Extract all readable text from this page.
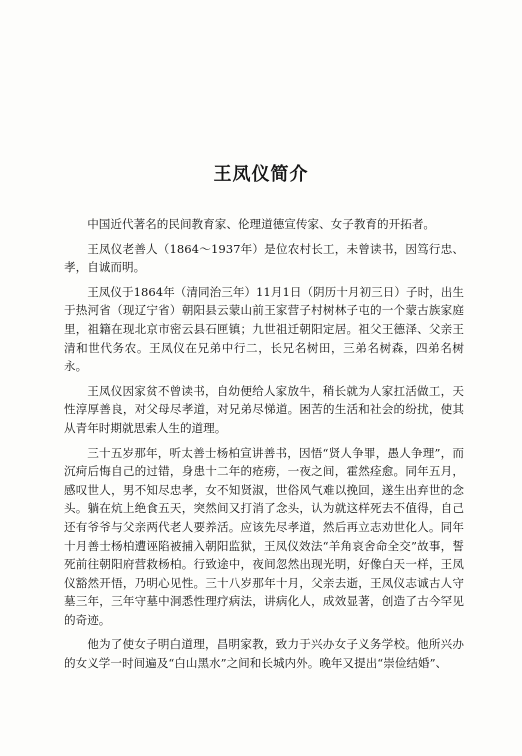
王凤仪简介

中国近代著名的民间教育家、伦理道德宣传家、女子教育的开拓者。

王凤仪老善人（1864～1937年）是位农村长工，未曾读书，因笃行忠、孝，自诚而明。

王凤仪于1864年（清同治三年）11月1日（阴历十月初三日）子时，出生于热河省（现辽宁省）朝阳县云蒙山前王家营子村树林子屯的一个蒙古族家庭里，祖籍在现北京市密云县石匣镇；九世祖迁朝阳定居。祖父王德泽、父亲王清和世代务农。王凤仪在兄弟中行二，长兄名树田，三弟名树森，四弟名树永。

王凤仪因家贫不曾读书，自幼便给人家放牛，稍长就为人家扛活做工，天性淳厚善良，对父母尽孝道，对兄弟尽悌道。困苦的生活和社会的纷扰，使其从青年时期就思索人生的道理。

三十五岁那年，听太善士杨柏宣讲善书，因悟“贤人争罪，愚人争理”，而沉疴后悔自己的过错，身患十二年的疮痨，一夜之间，霍然痊愈。同年五月，感叹世人，男不知尽忠孝，女不知贤淑，世俗风气难以挽回，遂生出弃世的念头。躺在炕上绝食五天，突然间又打消了念头，认为就这样死去不值得，自己还有爷爷与父亲两代老人要养活。应该先尽孝道，然后再立志劝世化人。同年十月善士杨柏遭诬陷被捕入朝阳监狱，王凤仪效法“羊角哀舍命全交”故事，誓死前往朝阳府营救杨柏。行致途中，夜间忽然出现光明，好像白天一样，王凤仪豁然开悟，乃明心见性。三十八岁那年十月，父亲去逝，王凤仪志诚古人守墓三年，三年守墓中洞悉性理疗病法，讲病化人，成效显著，创造了古今罕见的奇迹。

他为了使女子明白道理，昌明家教，致力于兴办女子义务学校。他所兴办的女义学一时间遍及“白山黑水”之间和长城内外。晚年又提出“崇俭结婚”、
